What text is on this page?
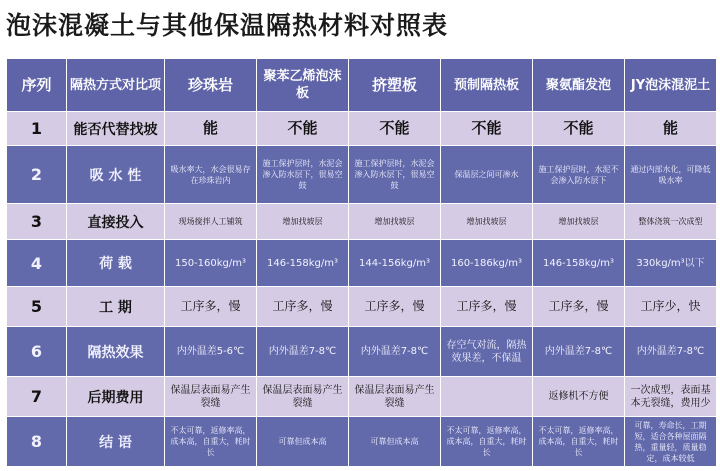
泡沫混凝土与其他保温隔热材料对照表
序列	隔热方式对比项	珍珠岩	聚苯乙烯泡沫板	挤塑板	预制隔热板	聚氨酯发泡	JY泡沫混泥土
1	能否代替找坡	能	不能	不能	不能	不能	能
2	吸 水 性	吸水率大，水会很易存在珍珠岩内	施工保护层时，水泥会渗入防水层下，很易空鼓	施工保护层时，水泥会渗入防水层下，很易空鼓	保温层之间可渗水	施工保护层时，水泥不会渗入防水层下	通过内部水化，可降低吸水率
3	直接投入	现场搅拌人工铺筑	增加找坡层	增加找坡层	增加找坡层	增加找坡层	整体浇筑一次成型
4	荷 载	150-160kg/m³	146-158kg/m³	144-156kg/m³	160-186kg/m³	146-158kg/m³	330kg/m³以下
5	工 期	工序多，慢	工序多，慢	工序多，慢	工序多，慢	工序多，慢	工序少，快
6	隔热效果	内外温差5-6℃	内外温差7-8℃	内外温差7-8℃	存空气对流，隔热效果差，不保温	内外温差7-8℃	内外温差7-8℃
7	后期费用	保温层表面易产生裂缝	保温层表面易产生裂缝	保温层表面易产生裂缝		返修机不方便	一次成型，表面基本无裂缝，费用少
8	结 语	不太可靠，返修率高，成本高，自重大，耗时长	可靠但成本高	可靠但成本高	不太可靠，返修率高，成本高，自重大，耗时长	不太可靠，返修率高，成本高，自重大，耗时长	可靠，寿命长，工期短，适合各种屋面隔热，重量轻，质量稳定，成本较低
